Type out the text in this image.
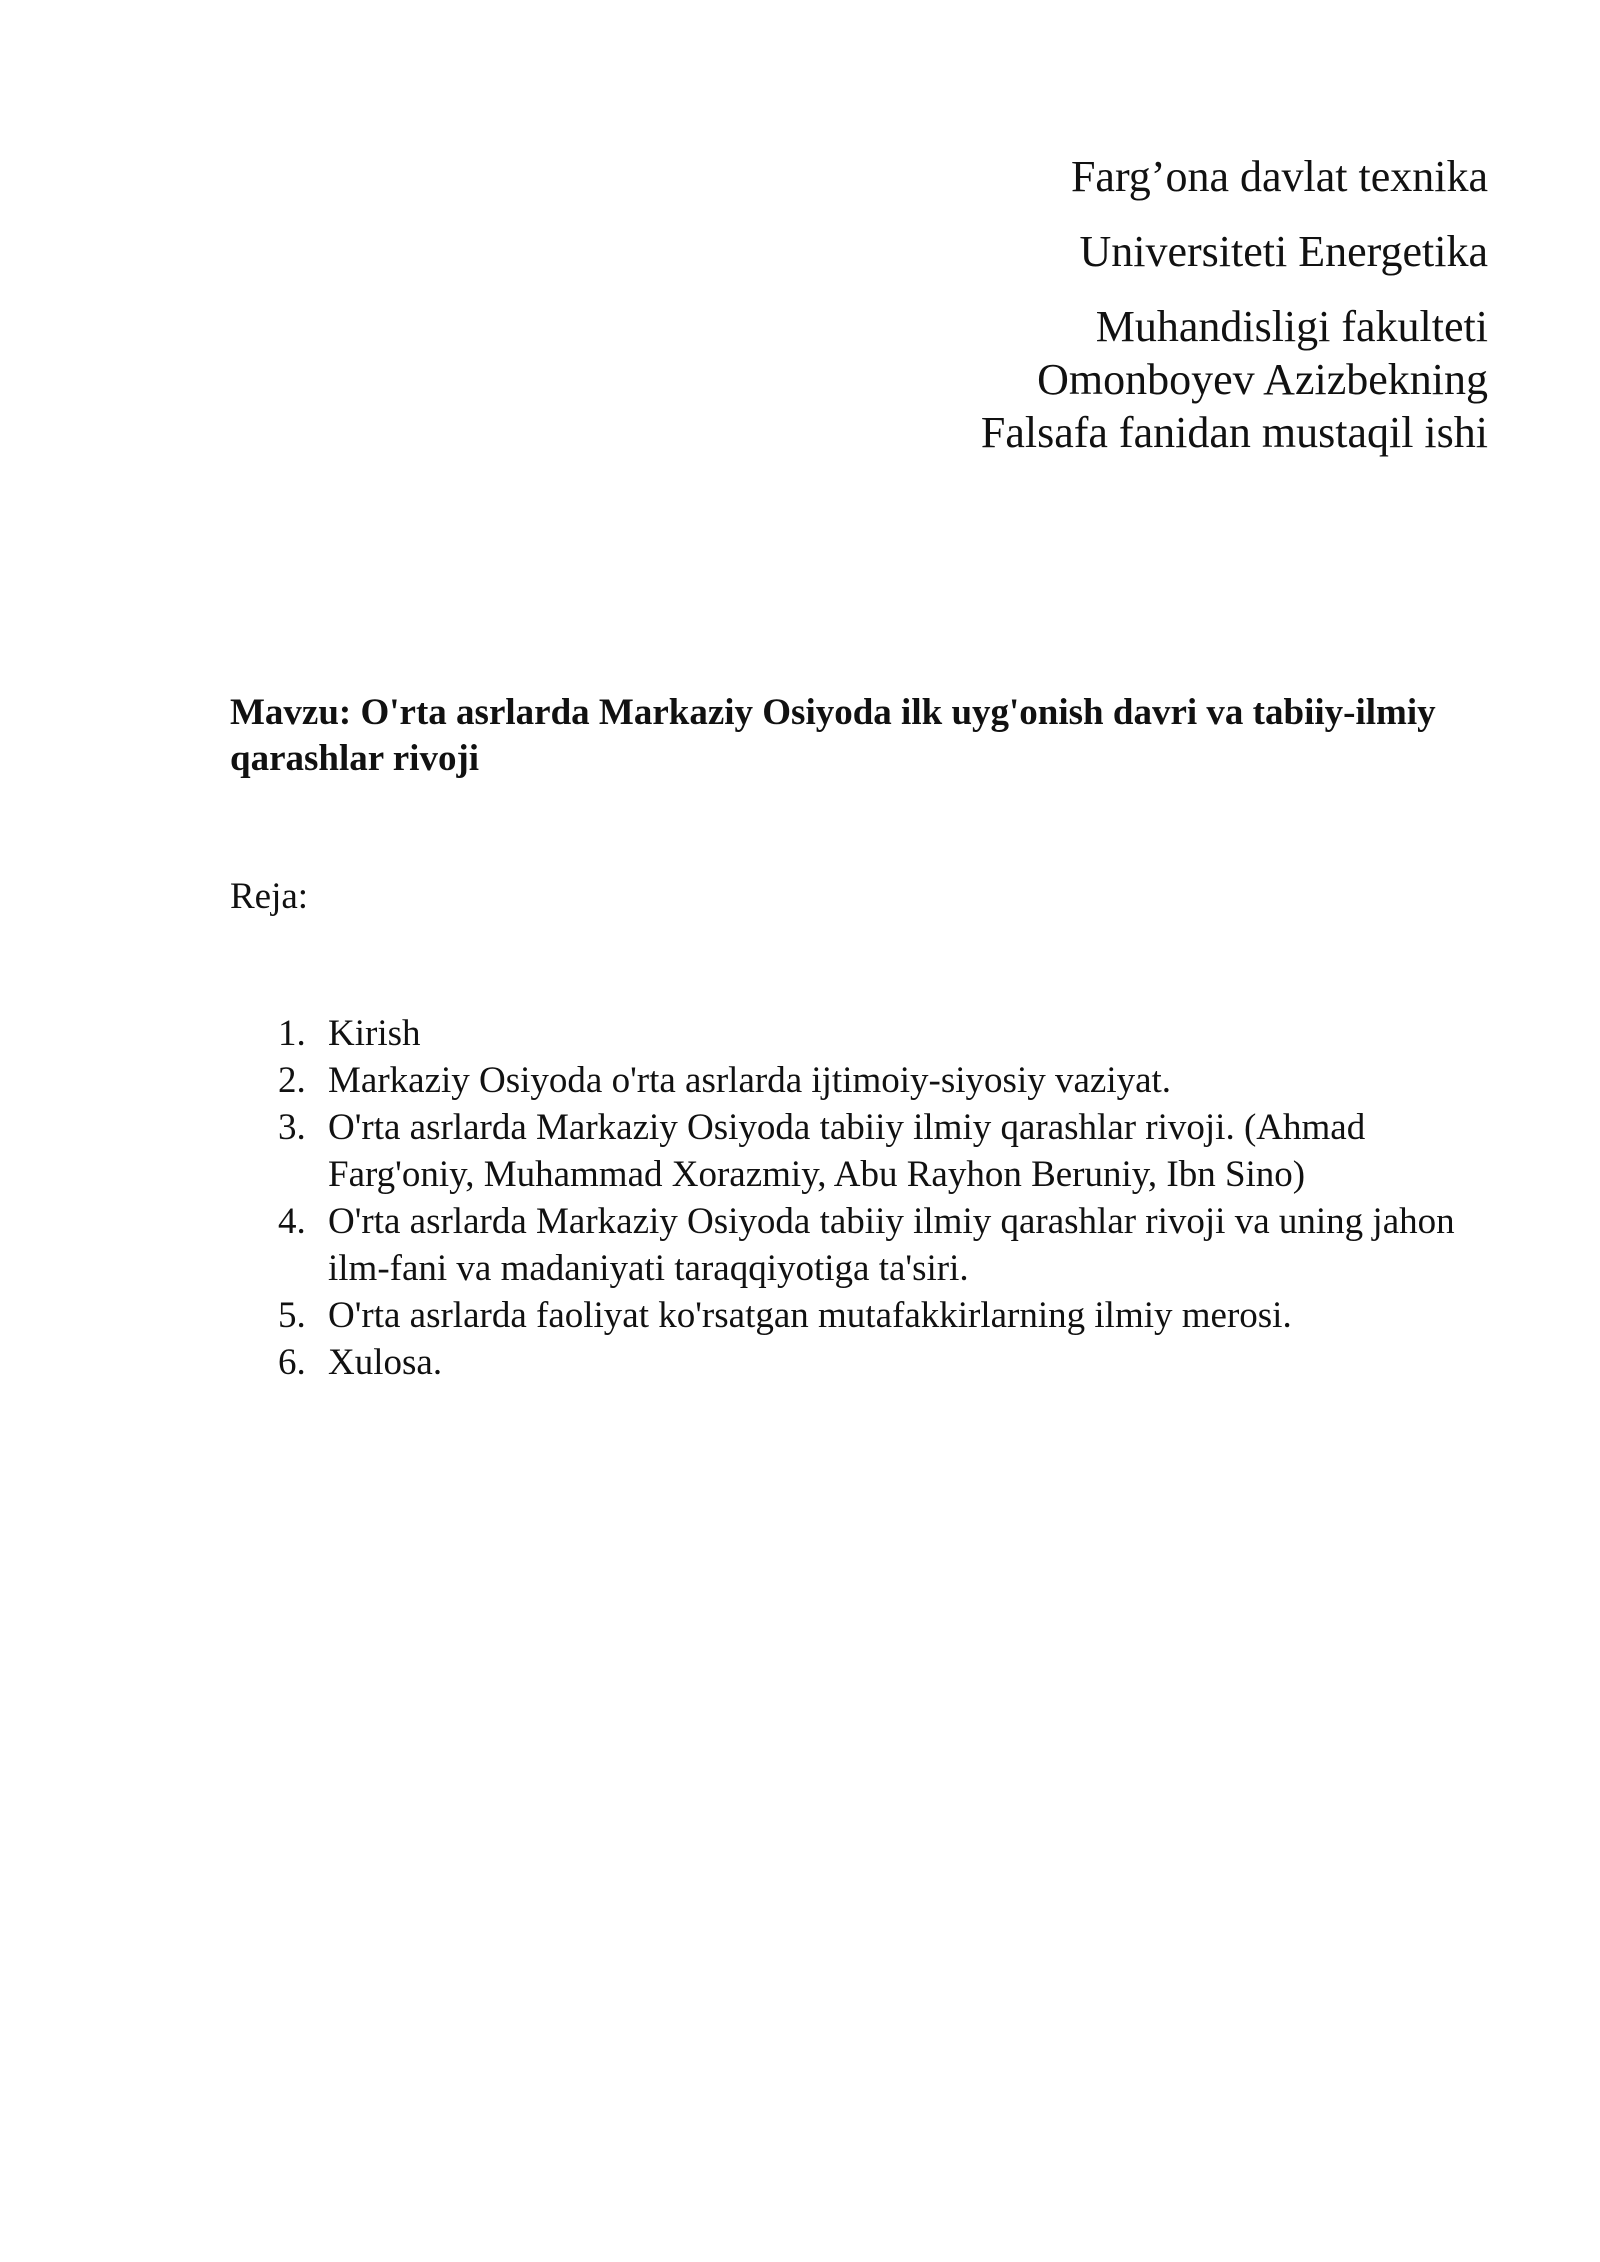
Farg’ona davlat texnika
Universiteti Energetika
Muhandisligi fakulteti
Omonboyev Azizbekning
Falsafa fanidan mustaqil ishi
Mavzu: O'rta asrlarda Markaziy Osiyoda ilk uyg'onish davri va tabiiy-ilmiy qarashlar rivoji
Reja:
1. Kirish
2. Markaziy Osiyoda o'rta asrlarda ijtimoiy-siyosiy vaziyat.
3. O'rta asrlarda Markaziy Osiyoda tabiiy ilmiy qarashlar rivoji. (Ahmad Farg'oniy, Muhammad Xorazmiy, Abu Rayhon Beruniy, Ibn Sino)
4. O'rta asrlarda Markaziy Osiyoda tabiiy ilmiy qarashlar rivoji va uning jahon ilm-fani va madaniyati taraqqiyotiga ta'siri.
5. O'rta asrlarda faoliyat ko'rsatgan mutafakkirlarning ilmiy merosi.
6. Xulosa.
